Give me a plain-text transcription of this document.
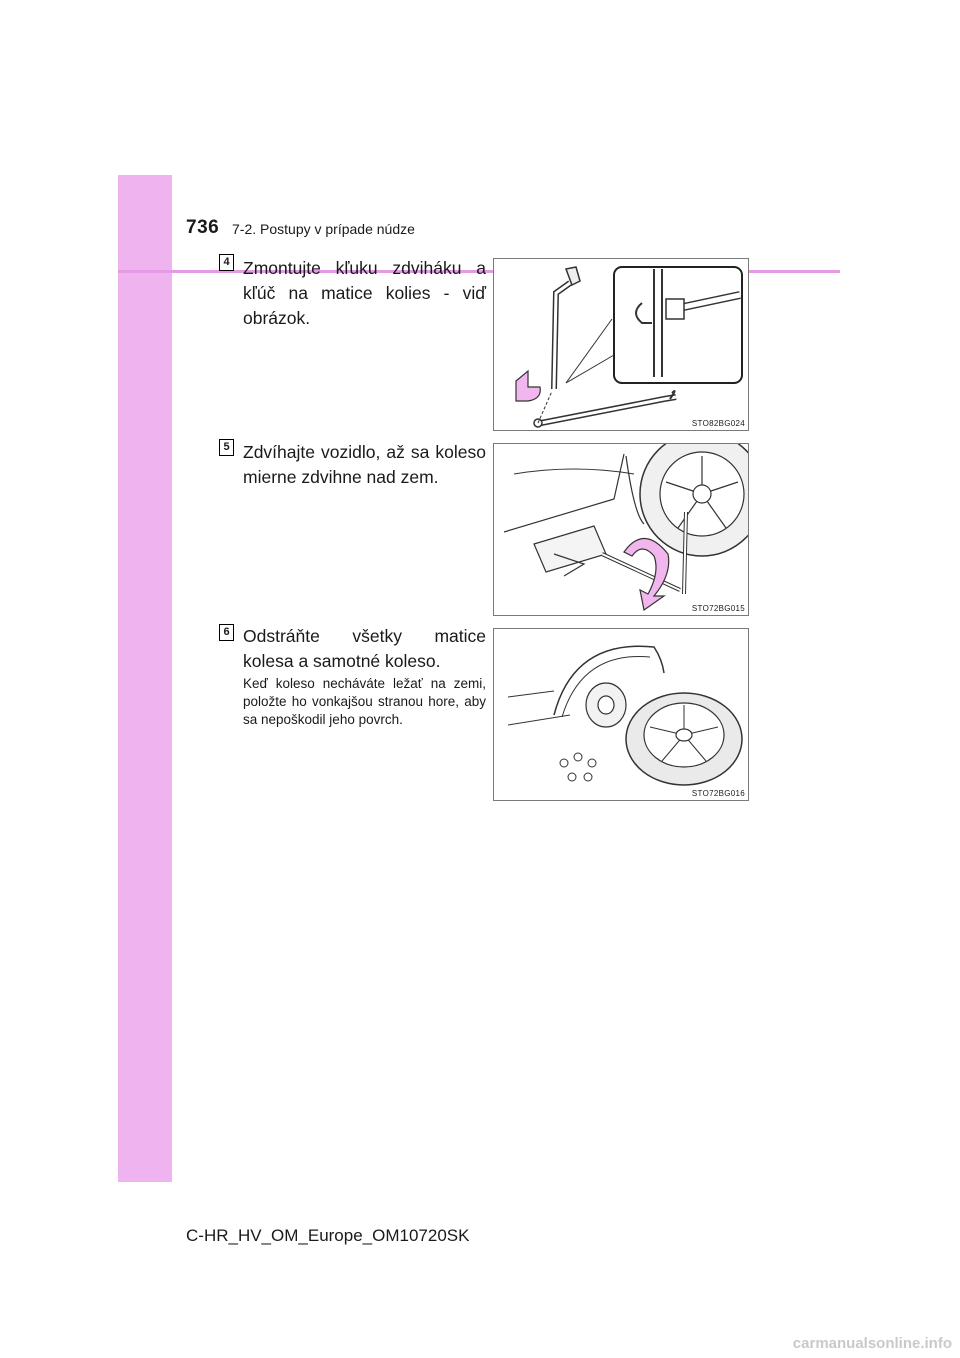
736 7-2. Postupy v prípade núdze
4 Zmontujte kľuku zdviháku a kľúč na matice kolies - viď obrázok.
STO82BG024
5 Zdvíhajte vozidlo, až sa koleso mierne zdvihne nad zem.
STO72BG015
6 Odstráňte všetky matice kolesa a samotné koleso.
Keď koleso necháváte ležať na zemi, položte ho vonkajšou stranou hore, aby sa nepoškodil jeho povrch.
STO72BG016
C-HR_HV_OM_Europe_OM10720SK
carmanualsonline.info
